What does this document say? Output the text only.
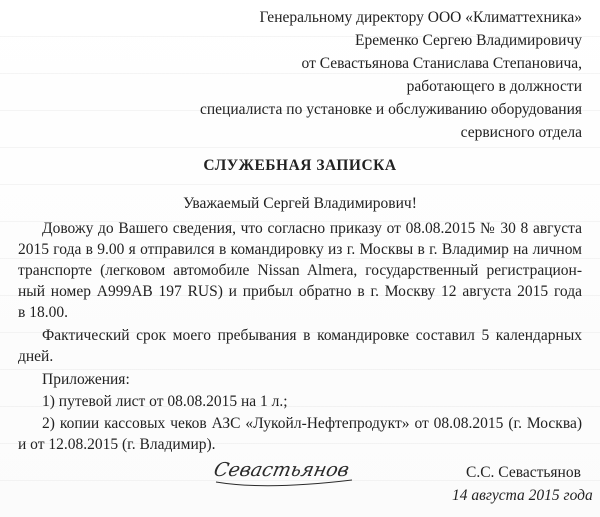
Генеральному директору ООО «Климаттехника»
Еременко Сергею Владимировичу
от Севастьянова Станислава Степановича,
работающего в должности
специалиста по установке и обслуживанию оборудования
сервисного отдела
СЛУЖЕБНАЯ ЗАПИСКА
Уважаемый Сергей Владимирович!
Довожу до Вашего сведения, что согласно приказу от 08.08.2015 № 30 8 августа
2015 года в 9.00 я отправился в командировку из г. Москвы в г. Владимир на личном
транспорте (легковом автомобиле Nissan Almera, государственный регистрацион-
ный номер А999АВ 197 RUS) и прибыл обратно в г. Москву 12 августа 2015 года
в 18.00.
Фактический срок моего пребывания в командировке составил 5 календарных
дней.
Приложения:
1) путевой лист от 08.08.2015 на 1 л.;
2) копии кассовых чеков АЗС «Лукойл-Нефтепродукт» от 08.08.2015 (г. Москва)
и от 12.08.2015 (г. Владимир).
Севастьянов	С.С. Севастьянов
14 августа 2015 года
